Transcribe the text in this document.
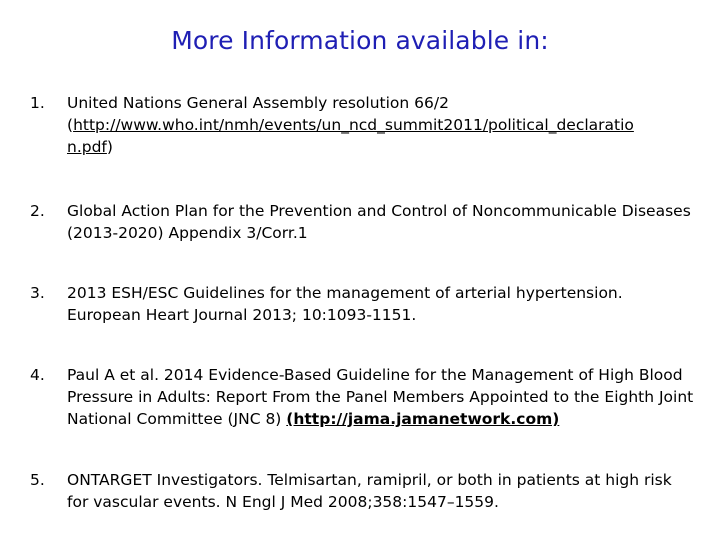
More Information available in:
1.	United Nations General Assembly resolution 66/2
(http://www.who.int/nmh/events/un_ncd_summit2011/political_declaratio
n.pdf)
2.	Global Action Plan for the Prevention and Control of Noncommunicable Diseases (2013-2020) Appendix 3/Corr.1
3.	2013 ESH/ESC Guidelines for the management of arterial hypertension. European Heart Journal 2013; 10:1093-1151.
4.	Paul A et al. 2014 Evidence-Based Guideline for the Management of High Blood Pressure in Adults: Report From the Panel Members Appointed to the Eighth Joint National Committee (JNC 8) (http://jama.jamanetwork.com)
5.	ONTARGET Investigators. Telmisartan, ramipril, or both in patients at high risk for vascular events. N Engl J Med 2008;358:1547–1559.
